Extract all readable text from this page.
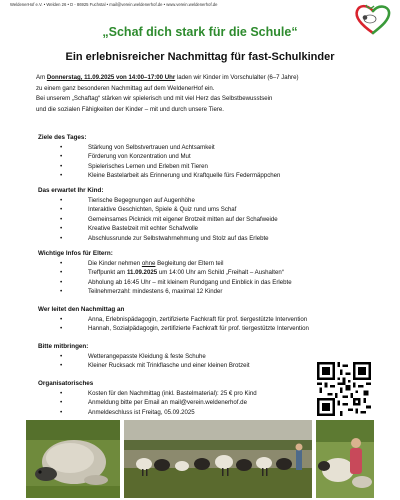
WeldenerHof e.V. • Welden 26 • D - 86925 Fuchstal • mail@verein.weldenerhof.de • www.verein.weldenerhof.de
„Schaf dich stark für die Schule“
Ein erlebnisreicher Nachmittag für fast-Schulkinder

Am Donnerstag, 11.09.2025 von 14:00–17:00 Uhr laden wir Kinder im Vorschulalter (6–7 Jahre)

zu einem ganz besonderen Nachmittag auf dem WeldenerHof ein.

Bei unserem „Schaftag“ stärken wir spielerisch und mit viel Herz das Selbstbewusstsein

und die sozialen Fähigkeiten der Kinder – mit und durch unsere Tiere.

Ziele des Tages:
• Stärkung von Selbstvertrauen und Achtsamkeit
• Förderung von Konzentration und Mut
• Spielerisches Lernen und Erleben mit Tieren
• Kleine Bastelarbeit als Erinnerung und Kraftquelle fürs Federmäppchen
Das erwartet Ihr Kind:
• Tierische Begegnungen auf Augenhöhe
• Interaktive Geschichten, Spiele & Quiz rund ums Schaf
• Gemeinsames Picknick mit eigener Brotzeit mitten auf der Schafweide
• Kreative Bastelzeit mit echter Schafwolle
• Abschlussrunde zur Selbstwahrnehmung und Stolz auf das Erlebte
Wichtige Infos für Eltern:
• Die Kinder nehmen ohne Begleitung der Eltern teil
• Treffpunkt am 11.09.2025 um 14:00 Uhr am Schild „Freihalt – Aushalten“
• Abholung ab 16:45 Uhr – mit kleinem Rundgang und Einblick in das Erlebte
• Teilnehmerzahl: mindestens 6, maximal 12 Kinder
Wer leitet den Nachmittag an
• Anna, Erlebnispädagogin, zertifizierte Fachkraft für prof. tiergestützte Intervention
• Hannah, Sozialpädagogin, zertifizierte Fachkraft für prof. tiergestützte Intervention
Bitte mitbringen:
• Wetterangepasste Kleidung & feste Schuhe
• Kleiner Rucksack mit Trinkflasche und einer kleinen Brotzeit
Organisatorisches
• Kosten für den Nachmittag (inkl. Bastelmaterial): 25 € pro Kind
• Anmeldung bitte per Email an mail@verein.weldenerhof.de
• Anmeldeschluss ist Freitag, 05.09.2025
